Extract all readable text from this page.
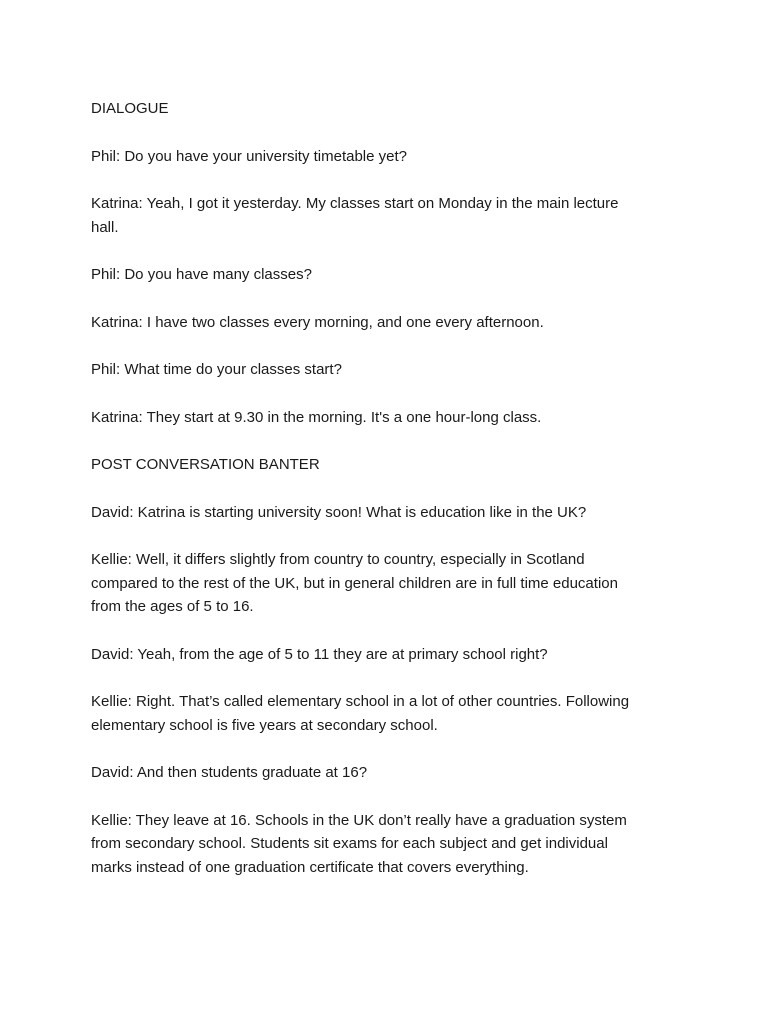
DIALOGUE

Phil: Do you have your university timetable yet?

Katrina: Yeah, I got it yesterday. My classes start on Monday in the main lecture hall.

Phil: Do you have many classes?

Katrina: I have two classes every morning, and one every afternoon.

Phil: What time do your classes start?

Katrina: They start at 9.30 in the morning. It's a one hour-long class.

POST CONVERSATION BANTER

David: Katrina is starting university soon! What is education like in the UK?

Kellie: Well, it differs slightly from country to country, especially in Scotland compared to the rest of the UK, but in general children are in full time education from the ages of 5 to 16.

David: Yeah, from the age of 5 to 11 they are at primary school right?

Kellie: Right. That’s called elementary school in a lot of other countries. Following elementary school is five years at secondary school.

David: And then students graduate at 16?

Kellie: They leave at 16. Schools in the UK don’t really have a graduation system from secondary school. Students sit exams for each subject and get individual marks instead of one graduation certificate that covers everything.
